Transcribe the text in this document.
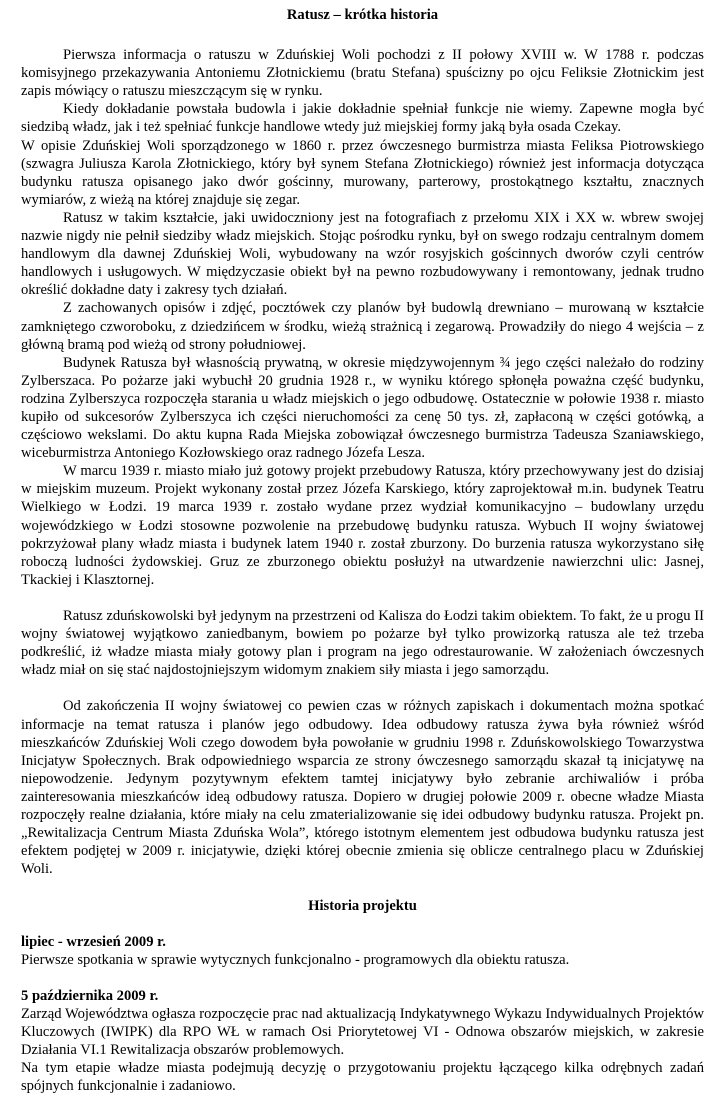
Ratusz – krótka historia

Pierwsza informacja o ratuszu w Zduńskiej Woli pochodzi z II połowy XVIII w. W 1788 r. podczas komisyjnego przekazywania Antoniemu Złotnickiemu (bratu Stefana) spuścizny po ojcu Feliksie Złotnickim jest zapis mówiący o ratuszu mieszczącym się w rynku.

Kiedy dokładanie powstała budowla i jakie dokładnie spełniał funkcje nie wiemy. Zapewne mogła być siedzibą władz, jak i też spełniać funkcje handlowe wtedy już miejskiej formy jaką była osada Czekay.

W opisie Zduńskiej Woli sporządzonego w 1860 r. przez ówczesnego burmistrza miasta Feliksa Piotrowskiego (szwagra Juliusza Karola Złotnickiego, który był synem Stefana Złotnickiego) również jest informacja dotycząca budynku ratusza opisanego jako dwór gościnny, murowany, parterowy, prostokątnego kształtu, znacznych wymiarów, z wieżą na której znajduje się zegar.

Ratusz w takim kształcie, jaki uwidoczniony jest na fotografiach z przełomu XIX i XX w. wbrew swojej nazwie nigdy nie pełnił siedziby władz miejskich. Stojąc pośrodku rynku, był on swego rodzaju centralnym domem handlowym dla dawnej Zduńskiej Woli, wybudowany na wzór rosyjskich gościnnych dworów czyli centrów handlowych i usługowych. W międzyczasie obiekt był na pewno rozbudowywany i remontowany, jednak trudno określić dokładne daty i zakresy tych działań.

Z zachowanych opisów i zdjęć, pocztówek czy planów był budowlą drewniano – murowaną w kształcie zamkniętego czworoboku, z dziedzińcem w środku, wieżą strażnicą i zegarową. Prowadziły do niego 4 wejścia – z główną bramą pod wieżą od strony południowej.

Budynek Ratusza był własnością prywatną, w okresie międzywojennym ¾ jego części należało do rodziny Zylberszaca. Po pożarze jaki wybuchł 20 grudnia 1928 r., w wyniku którego spłonęła poważna część budynku, rodzina Zylberszyca rozpoczęła starania u władz miejskich o jego odbudowę. Ostatecznie w połowie 1938 r. miasto kupiło od sukcesorów Zylberszyca ich części nieruchomości za cenę 50 tys. zł, zapłaconą w części gotówką, a częściowo wekslami. Do aktu kupna Rada Miejska zobowiązał ówczesnego burmistrza Tadeusza Szaniawskiego, wiceburmistrza Antoniego Kozłowskiego oraz radnego Józefa Lesza.

W marcu 1939 r. miasto miało już gotowy projekt przebudowy Ratusza, który przechowywany jest do dzisiaj w miejskim muzeum. Projekt wykonany został przez Józefa Karskiego, który zaprojektował m.in. budynek Teatru Wielkiego w Łodzi. 19 marca 1939 r. zostało wydane przez wydział komunikacyjno – budowlany urzędu wojewódzkiego w Łodzi stosowne pozwolenie na przebudowę budynku ratusza. Wybuch II wojny światowej pokrzyżował plany władz miasta i budynek latem 1940 r. został zburzony. Do burzenia ratusza wykorzystano siłę roboczą ludności żydowskiej. Gruz ze zburzonego obiektu posłużył na utwardzenie nawierzchni ulic: Jasnej, Tkackiej i Klasztornej.

Ratusz zduńskowolski był jedynym na przestrzeni od Kalisza do Łodzi takim obiektem. To fakt, że u progu II wojny światowej wyjątkowo zaniedbanym, bowiem po pożarze był tylko prowizorką ratusza ale też trzeba podkreślić, iż władze miasta miały gotowy plan i program na jego odrestaurowanie. W założeniach ówczesnych władz miał on się stać najdostojniejszym widomym znakiem siły miasta i jego samorządu.

Od zakończenia II wojny światowej co pewien czas w różnych zapiskach i dokumentach można spotkać informacje na temat ratusza i planów jego odbudowy. Idea odbudowy ratusza żywa była również wśród mieszkańców Zduńskiej Woli czego dowodem była powołanie w grudniu 1998 r. Zduńskowolskiego Towarzystwa Inicjatyw Społecznych. Brak odpowiedniego wsparcia ze strony ówczesnego samorządu skazał tą inicjatywę na niepowodzenie. Jedynym pozytywnym efektem tamtej inicjatywy było zebranie archiwaliów i próba zainteresowania mieszkańców ideą odbudowy ratusza. Dopiero w drugiej połowie 2009 r. obecne władze Miasta rozpoczęły realne działania, które miały na celu zmaterializowanie się idei odbudowy budynku ratusza. Projekt pn. „Rewitalizacja Centrum Miasta Zduńska Wola”, którego istotnym elementem jest odbudowa budynku ratusza jest efektem podjętej w 2009 r. inicjatywie, dzięki której obecnie zmienia się oblicze centralnego placu w Zduńskiej Woli.

Historia projektu

lipiec - wrzesień 2009 r.

Pierwsze spotkania w sprawie wytycznych funkcjonalno - programowych dla obiektu ratusza.

5 października 2009 r.

Zarząd Województwa ogłasza rozpoczęcie prac nad aktualizacją Indykatywnego Wykazu Indywidualnych Projektów Kluczowych (IWIPK) dla RPO WŁ w ramach Osi Priorytetowej VI - Odnowa obszarów miejskich, w zakresie Działania VI.1 Rewitalizacja obszarów problemowych.

Na tym etapie władze miasta podejmują decyzję o przygotowaniu projektu łączącego kilka odrębnych zadań spójnych funkcjonalnie i zadaniowo.
